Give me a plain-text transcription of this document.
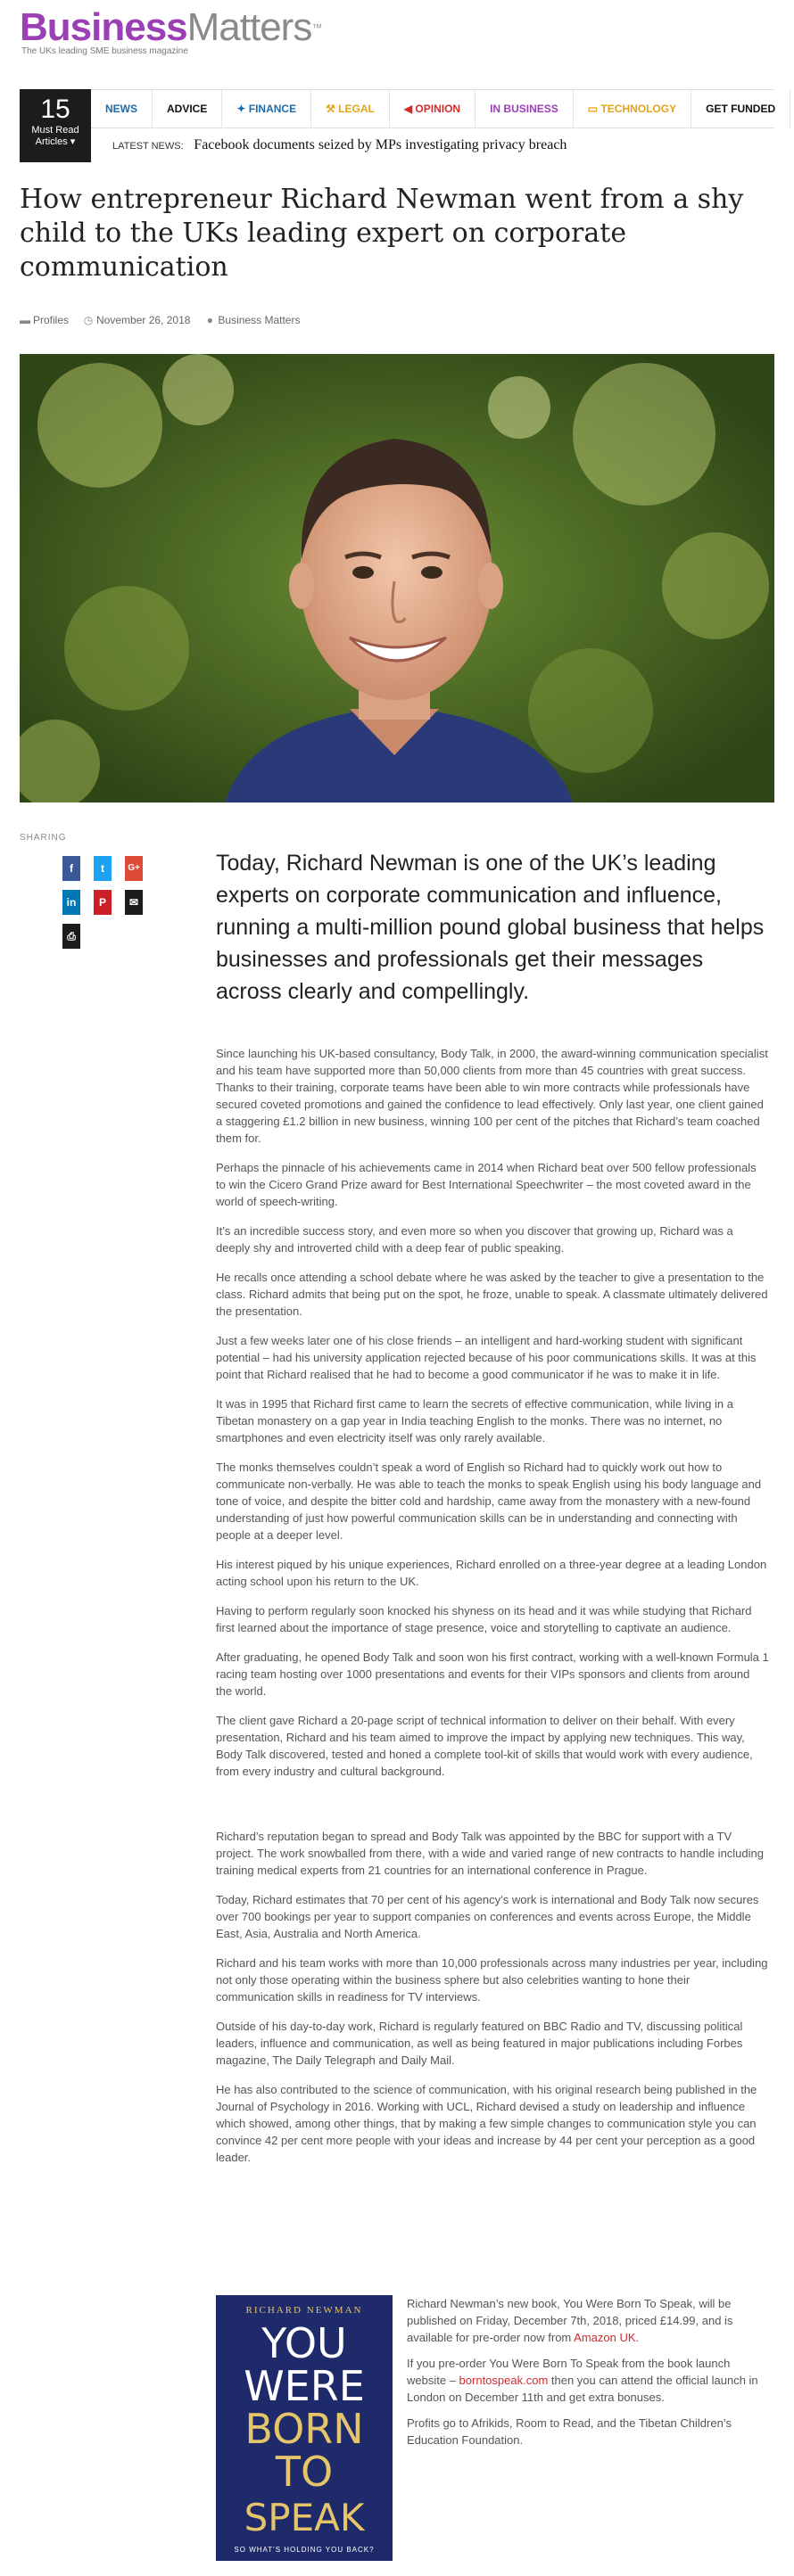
BusinessMatters™
The UKs leading SME business magazine
15
Must Read
Articles ▾
NEWS	ADVICE	✦ FINANCE	⚒ LEGAL	◀ OPINION	IN BUSINESS	▭ TECHNOLOGY	GET FUNDED
LATEST NEWS: Facebook documents seized by MPs investigating privacy breach
How entrepreneur Richard Newman went from a shy child to the UKs leading expert on corporate communication
▬ Profiles ◷ November 26, 2018 ● Business Matters
SHARING
f	t	G+
in	P	✉
⎙
Today, Richard Newman is one of the UK’s leading experts on corporate communication and influence, running a multi-million pound global business that helps businesses and professionals get their messages across clearly and compellingly.

Since launching his UK-based consultancy, Body Talk, in 2000, the award-winning communication specialist and his team have supported more than 50,000 clients from more than 45 countries with great success. Thanks to their training, corporate teams have been able to win more contracts while professionals have secured coveted promotions and gained the confidence to lead effectively. Only last year, one client gained a staggering £1.2 billion in new business, winning 100 per cent of the pitches that Richard’s team coached them for.

Perhaps the pinnacle of his achievements came in 2014 when Richard beat over 500 fellow professionals to win the Cicero Grand Prize award for Best International Speechwriter – the most coveted award in the world of speech-writing.

It’s an incredible success story, and even more so when you discover that growing up, Richard was a deeply shy and introverted child with a deep fear of public speaking.

He recalls once attending a school debate where he was asked by the teacher to give a presentation to the class. Richard admits that being put on the spot, he froze, unable to speak. A classmate ultimately delivered the presentation.

Just a few weeks later one of his close friends – an intelligent and hard-working student with significant potential – had his university application rejected because of his poor communications skills. It was at this point that Richard realised that he had to become a good communicator if he was to make it in life.

It was in 1995 that Richard first came to learn the secrets of effective communication, while living in a Tibetan monastery on a gap year in India teaching English to the monks. There was no internet, no smartphones and even electricity itself was only rarely available.

The monks themselves couldn’t speak a word of English so Richard had to quickly work out how to communicate non-verbally. He was able to teach the monks to speak English using his body language and tone of voice, and despite the bitter cold and hardship, came away from the monastery with a new-found understanding of just how powerful communication skills can be in understanding and connecting with people at a deeper level.

His interest piqued by his unique experiences, Richard enrolled on a three-year degree at a leading London acting school upon his return to the UK.

Having to perform regularly soon knocked his shyness on its head and it was while studying that Richard first learned about the importance of stage presence, voice and storytelling to captivate an audience.

After graduating, he opened Body Talk and soon won his first contract, working with a well-known Formula 1 racing team hosting over 1000 presentations and events for their VIPs sponsors and clients from around the world.

The client gave Richard a 20-page script of technical information to deliver on their behalf. With every presentation, Richard and his team aimed to improve the impact by applying new techniques. This way, Body Talk discovered, tested and honed a complete tool-kit of skills that would work with every audience, from every industry and cultural background.

Richard’s reputation began to spread and Body Talk was appointed by the BBC for support with a TV project. The work snowballed from there, with a wide and varied range of new contracts to handle including training medical experts from 21 countries for an international conference in Prague.

Today, Richard estimates that 70 per cent of his agency’s work is international and Body Talk now secures over 700 bookings per year to support companies on conferences and events across Europe, the Middle East, Asia, Australia and North America.

Richard and his team works with more than 10,000 professionals across many industries per year, including not only those operating within the business sphere but also celebrities wanting to hone their communication skills in readiness for TV interviews.

Outside of his day-to-day work, Richard is regularly featured on BBC Radio and TV, discussing political leaders, influence and communication, as well as being featured in major publications including Forbes magazine, The Daily Telegraph and Daily Mail.

He has also contributed to the science of communication, with his original research being published in the Journal of Psychology in 2016. Working with UCL, Richard devised a study on leadership and influence which showed, among other things, that by making a few simple changes to communication style you can convince 42 per cent more people with your ideas and increase by 44 per cent your perception as a good leader.

RICHARD NEWMAN
YOU
WERE
BORN
TO
SPEAK
SO WHAT'S HOLDING YOU BACK?

Richard Newman’s new book, You Were Born To Speak, will be published on Friday, December 7th, 2018, priced £14.99, and is available for pre-order now from Amazon UK.

If you pre-order You Were Born To Speak from the book launch website – borntospeak.com then you can attend the official launch in London on December 11th and get extra bonuses.

Profits go to Afrikids, Room to Read, and the Tibetan Children’s Education Foundation.
